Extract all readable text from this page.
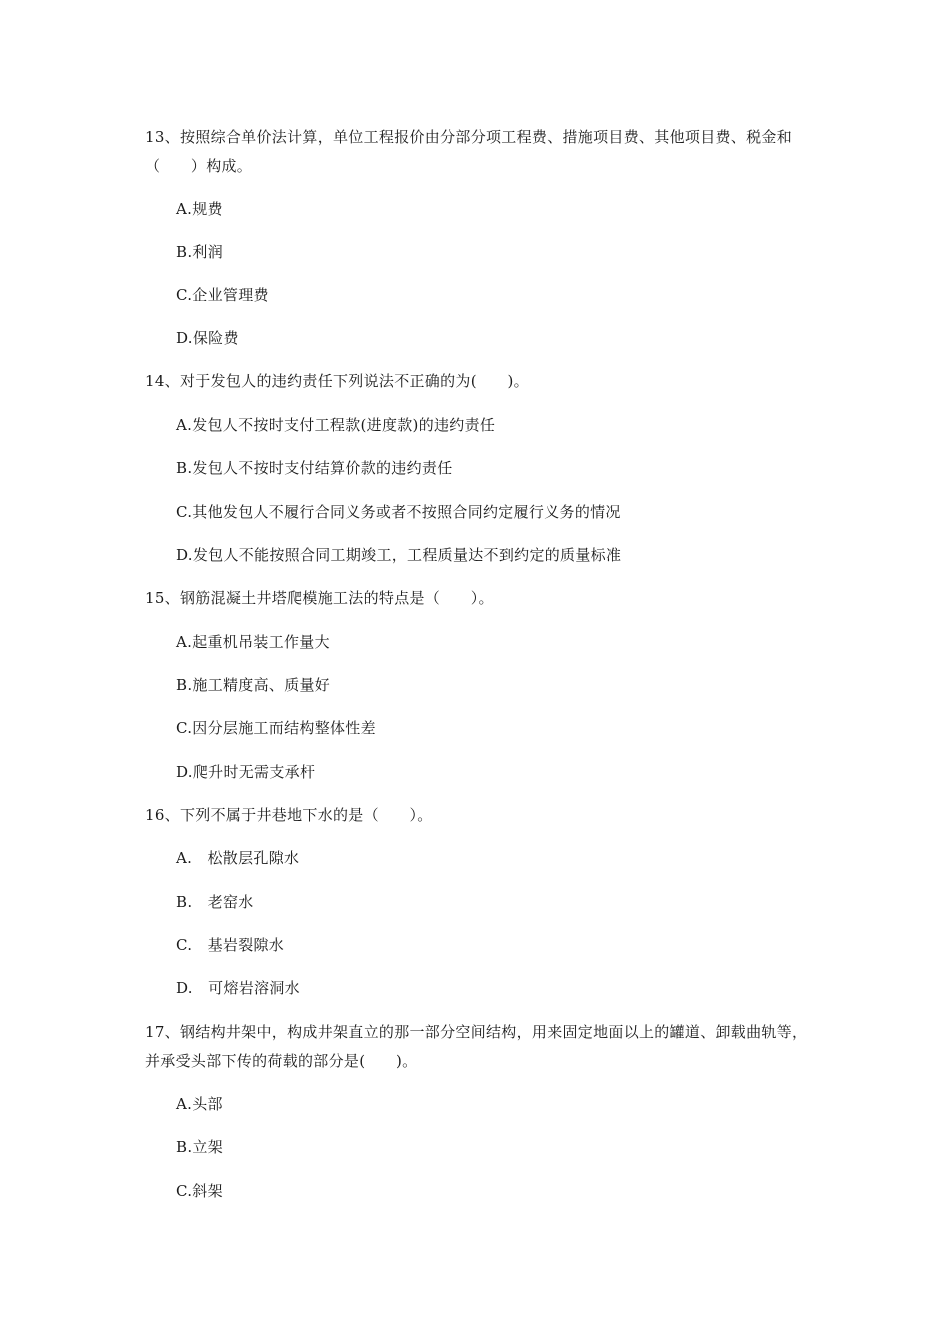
13、按照综合单价法计算，单位工程报价由分部分项工程费、措施项目费、其他项目费、税金和（　　）构成。
A.规费
B.利润
C.企业管理费
D.保险费
14、对于发包人的违约责任下列说法不正确的为(　　)。
A.发包人不按时支付工程款(进度款)的违约责任
B.发包人不按时支付结算价款的违约责任
C.其他发包人不履行合同义务或者不按照合同约定履行义务的情况
D.发包人不能按照合同工期竣工，工程质量达不到约定的质量标准
15、钢筋混凝土井塔爬模施工法的特点是（　　）。
A.起重机吊装工作量大
B.施工精度高、质量好
C.因分层施工而结构整体性差
D.爬升时无需支承杆
16、下列不属于井巷地下水的是（　　）。
A.　松散层孔隙水
B.　老窑水
C.　基岩裂隙水
D.　可熔岩溶洞水
17、钢结构井架中，构成井架直立的那一部分空间结构，用来固定地面以上的罐道、卸载曲轨等，并承受头部下传的荷载的部分是(　　)。
A.头部
B.立架
C.斜架
